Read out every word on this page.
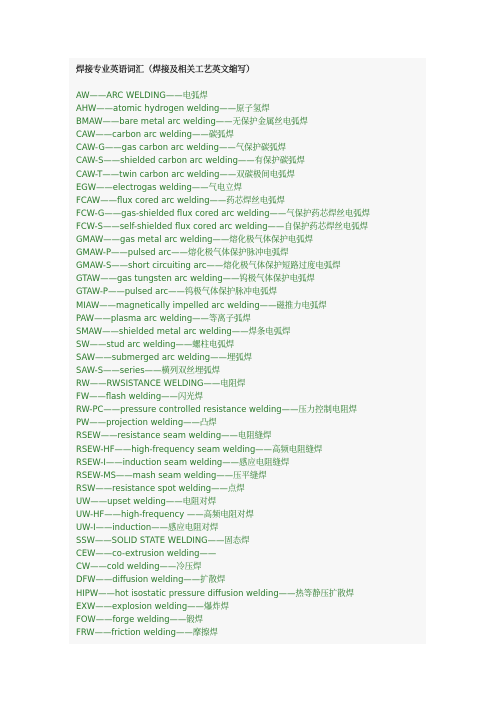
焊接专业英语词汇（焊接及相关工艺英文缩写）
AW——ARC WELDING——电弧焊
AHW——atomic hydrogen welding——原子氢焊
BMAW——bare metal arc welding——无保护金属丝电弧焊
CAW——carbon arc welding——碳弧焊
CAW-G——gas carbon arc welding——气保护碳弧焊
CAW-S——shielded carbon arc welding——有保护碳弧焊
CAW-T——twin carbon arc welding——双碳极间电弧焊
EGW——electrogas welding——气电立焊
FCAW——flux cored arc welding——药芯焊丝电弧焊
FCW-G——gas-shielded flux cored arc welding——气保护药芯焊丝电弧焊
FCW-S——self-shielded flux cored arc welding——自保护药芯焊丝电弧焊
GMAW——gas metal arc welding——熔化极气体保护电弧焊
GMAW-P——pulsed arc——熔化极气体保护脉冲电弧焊
GMAW-S——short circuiting arc——熔化极气体保护短路过度电弧焊
GTAW——gas tungsten arc welding——钨极气体保护电弧焊
GTAW-P——pulsed arc——钨极气体保护脉冲电弧焊
MIAW——magnetically impelled arc welding——磁推力电弧焊
PAW——plasma arc welding——等离子弧焊
SMAW——shielded metal arc welding——焊条电弧焊
SW——stud arc welding——螺柱电弧焊
SAW——submerged arc welding——埋弧焊
SAW-S——series——横列双丝埋弧焊
RW——RWSISTANCE WELDING——电阻焊
FW——flash welding——闪光焊
RW-PC——pressure controlled resistance welding——压力控制电阻焊
PW——projection welding——凸焊
RSEW——resistance seam welding——电阻缝焊
RSEW-HF——high-frequency seam welding——高频电阻缝焊
RSEW-I——induction seam welding——感应电阻缝焊
RSEW-MS——mash seam welding——压平缝焊
RSW——resistance spot welding——点焊
UW——upset welding——电阻对焊
UW-HF——high-frequency ——高频电阻对焊
UW-I——induction——感应电阻对焊
SSW——SOLID STATE WELDING——固态焊
CEW——co-extrusion welding——
CW——cold welding——冷压焊
DFW——diffusion welding——扩散焊
HIPW——hot isostatic pressure diffusion welding——热等静压扩散焊
EXW——explosion welding——爆炸焊
FOW——forge welding——锻焊
FRW——friction welding——摩擦焊
